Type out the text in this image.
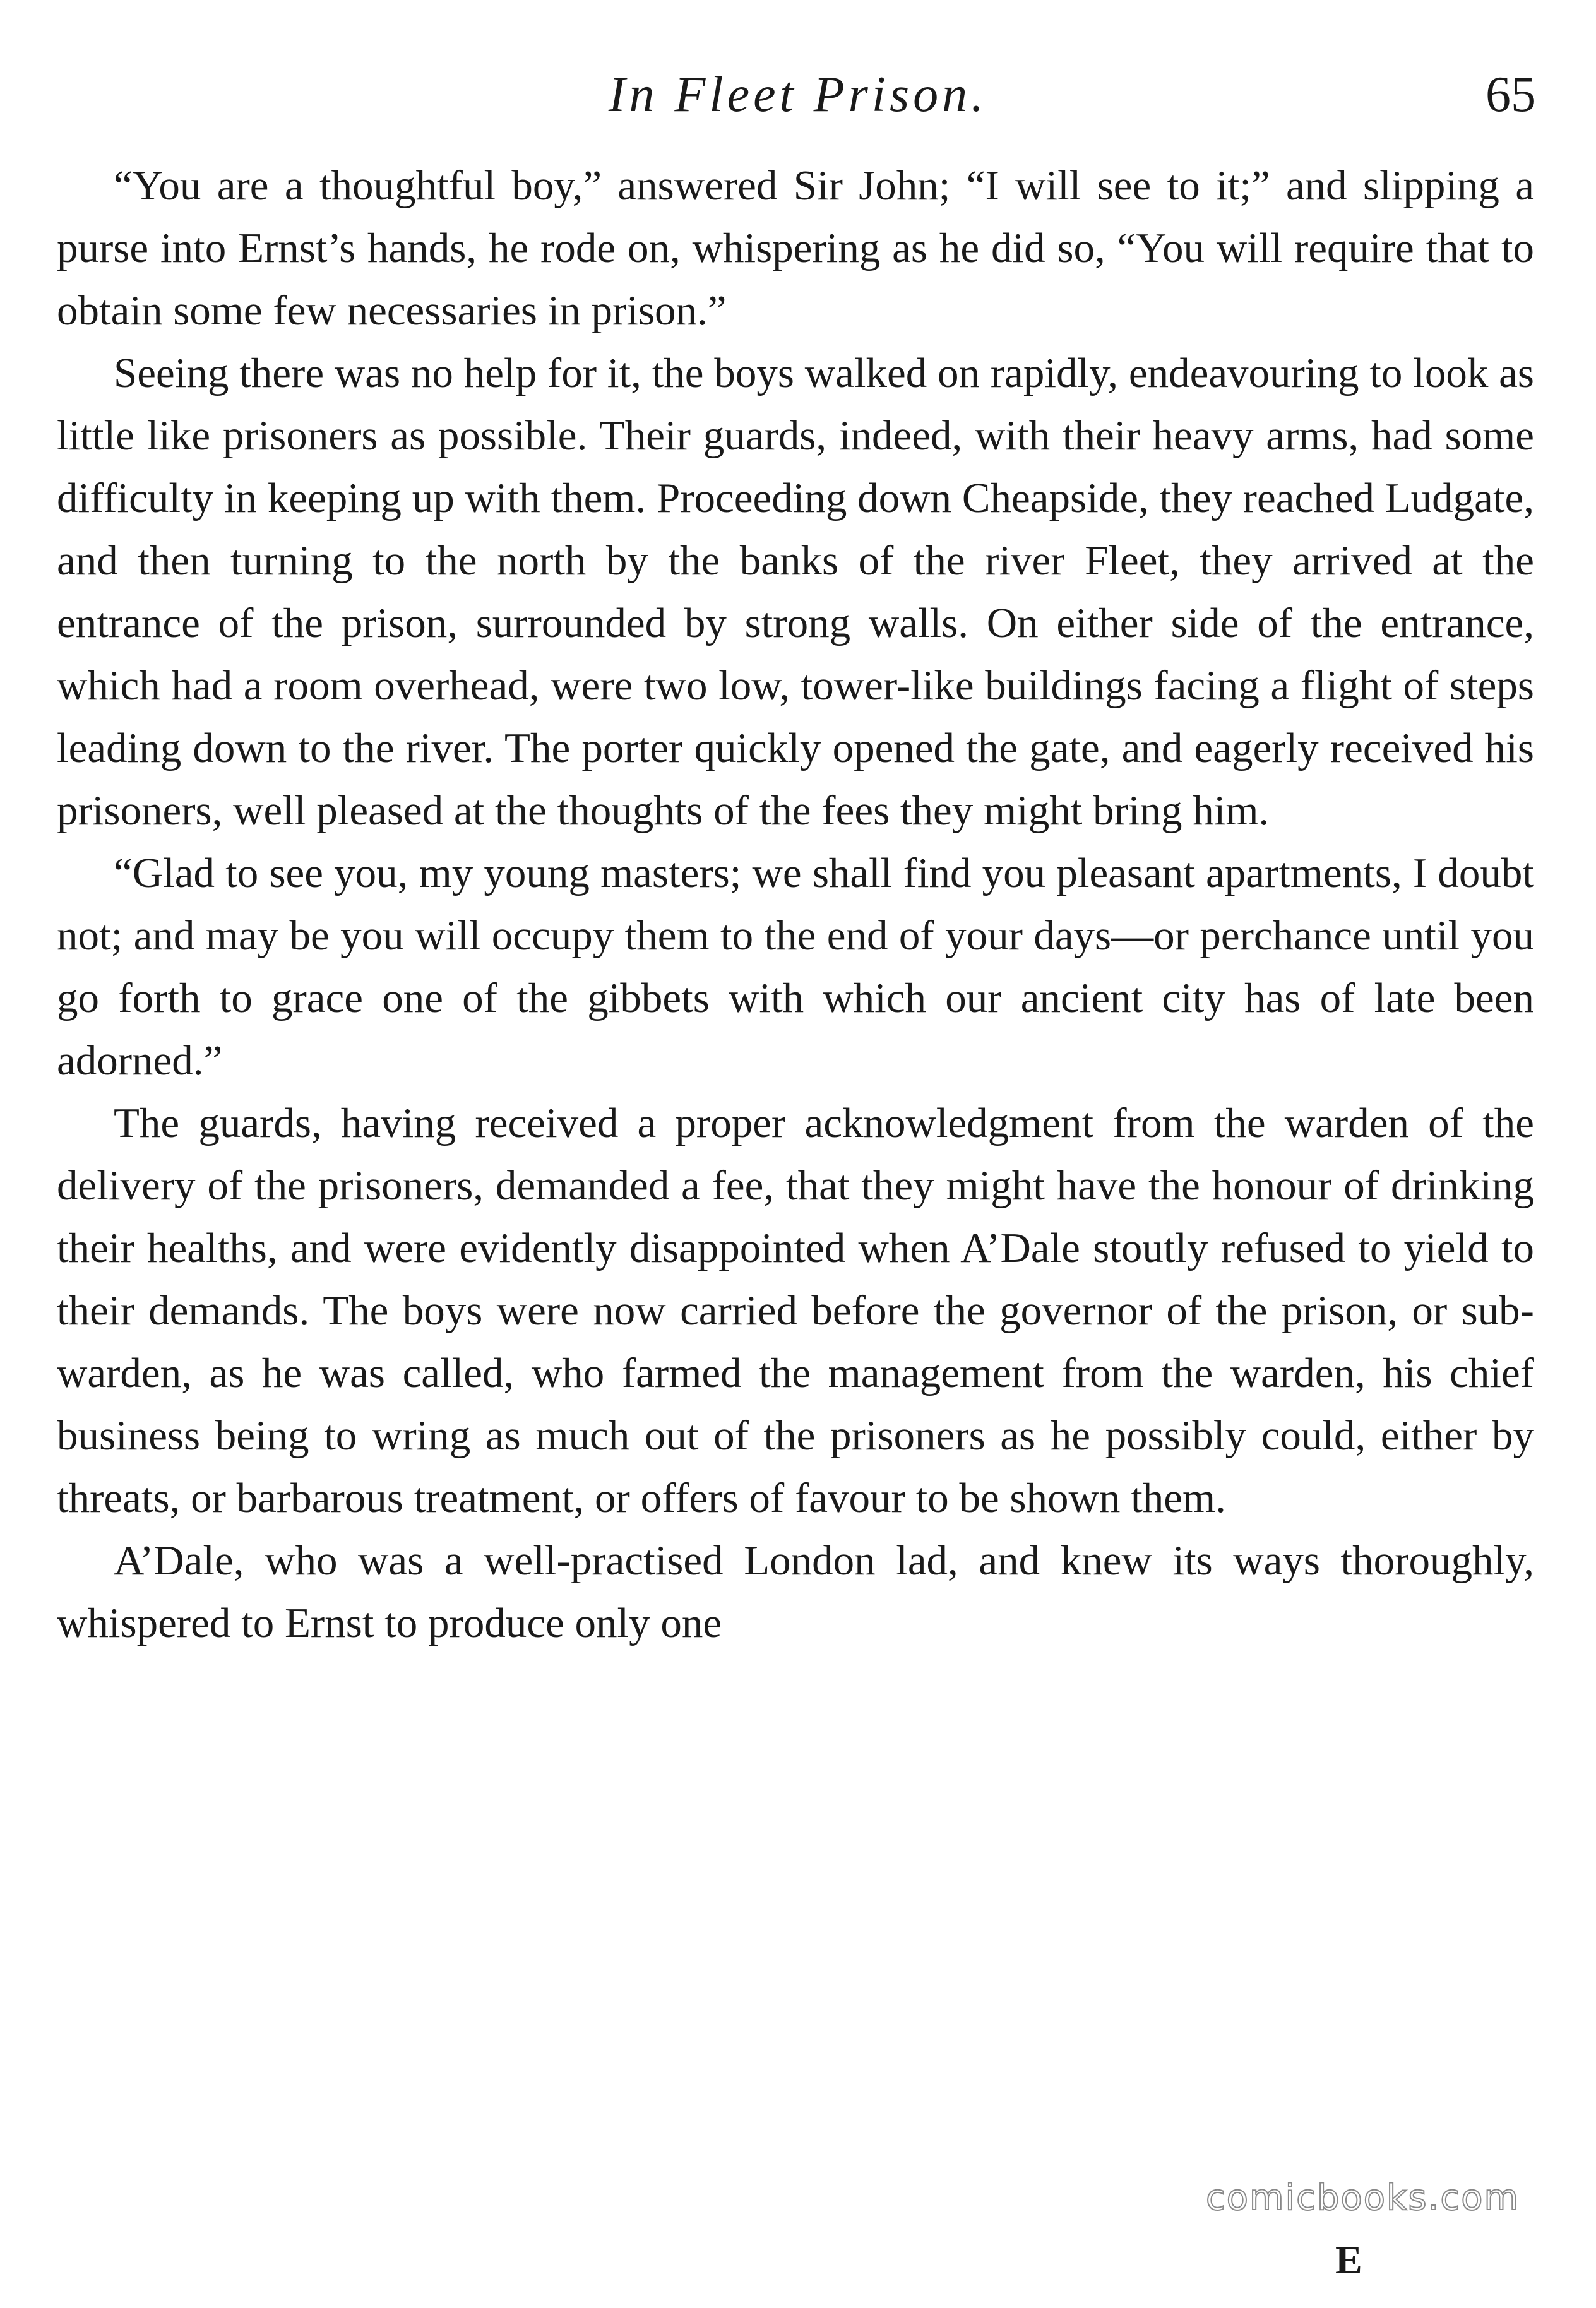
In Fleet Prison.	65

“You are a thoughtful boy,” answered Sir John; “I will see to it;” and slipping a purse into Ernst’s hands, he rode on, whispering as he did so, “You will require that to obtain some few necessaries in prison.”

Seeing there was no help for it, the boys walked on rapidly, endeavouring to look as little like prisoners as possible. Their guards, indeed, with their heavy arms, had some difficulty in keeping up with them. Proceeding down Cheapside, they reached Ludgate, and then turning to the north by the banks of the river Fleet, they arrived at the entrance of the prison, surrounded by strong walls. On either side of the entrance, which had a room overhead, were two low, tower-like buildings facing a flight of steps leading down to the river. The porter quickly opened the gate, and eagerly received his prisoners, well pleased at the thoughts of the fees they might bring him.

“Glad to see you, my young masters; we shall find you pleasant apartments, I doubt not; and may be you will occupy them to the end of your days—or perchance until you go forth to grace one of the gibbets with which our ancient city has of late been adorned.”

The guards, having received a proper acknowledgment from the warden of the delivery of the prisoners, demanded a fee, that they might have the honour of drinking their healths, and were evidently disappointed when A’Dale stoutly refused to yield to their demands. The boys were now carried before the governor of the prison, or sub-warden, as he was called, who farmed the management from the warden, his chief business being to wring as much out of the prisoners as he possibly could, either by threats, or barbarous treatment, or offers of favour to be shown them.

A’Dale, who was a well-practised London lad, and knew its ways thoroughly, whispered to Ernst to produce only one

comicbooks.com
E
